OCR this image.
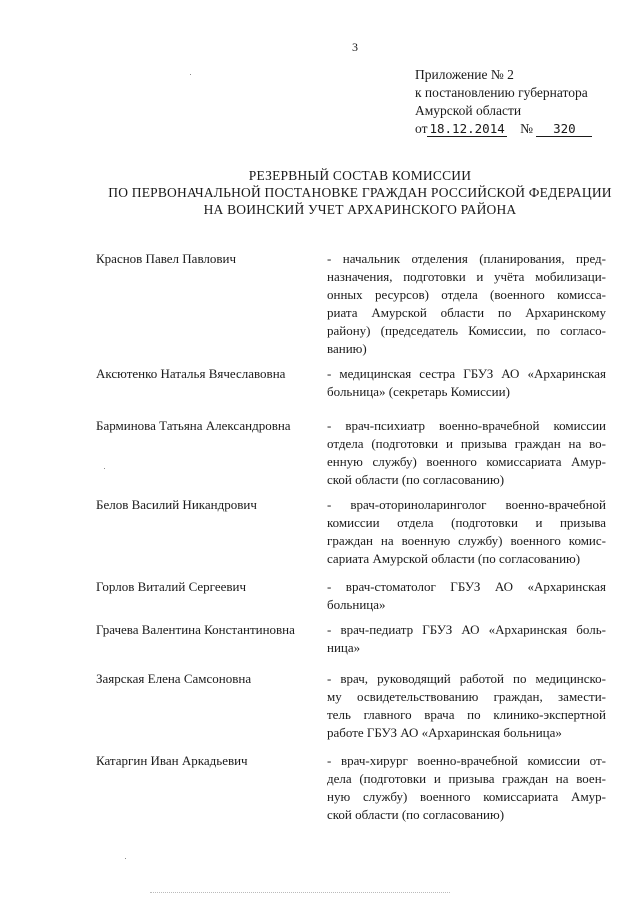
3
Приложение № 2
к постановлению губернатора
Амурской области
от 18.12.2014 № 320
РЕЗЕРВНЫЙ СОСТАВ КОМИССИИ
ПО ПЕРВОНАЧАЛЬНОЙ ПОСТАНОВКЕ ГРАЖДАН РОССИЙСКОЙ ФЕДЕРАЦИИ
НА ВОИНСКИЙ УЧЕТ АРХАРИНСКОГО РАЙОНА
Краснов Павел Павлович	- начальник отделения (планирования, пред-
назначения, подготовки и учёта мобилизаци-
онных ресурсов) отдела (военного комисса-
риата Амурской области по Архаринскому
району) (председатель Комиссии, по согласо-
ванию)
Аксютенко Наталья Вячеславовна	- медицинская сестра ГБУЗ АО «Архаринская
больница» (секретарь Комиссии)
Барминова Татьяна Александровна	- врач-психиатр военно-врачебной комиссии
отдела (подготовки и призыва граждан на во-
енную службу) военного комиссариата Амур-
ской области (по согласованию)
Белов Василий Никандрович	- врач-оториноларинголог военно-врачебной
комиссии отдела (подготовки и призыва
граждан на военную службу) военного комис-
сариата Амурской области (по согласованию)
Горлов Виталий Сергеевич	- врач-стоматолог ГБУЗ АО «Архаринская
больница»
Грачева Валентина Константиновна	- врач-педиатр ГБУЗ АО «Архаринская боль-
ница»
Заярская Елена Самсоновна	- врач, руководящий работой по медицинско-
му освидетельствованию граждан, замести-
тель главного врача по клинико-экспертной
работе ГБУЗ АО «Архаринская больница»
Катаргин Иван Аркадьевич	- врач-хирург военно-врачебной комиссии от-
дела (подготовки и призыва граждан на воен-
ную службу) военного комиссариата Амур-
ской области (по согласованию)
